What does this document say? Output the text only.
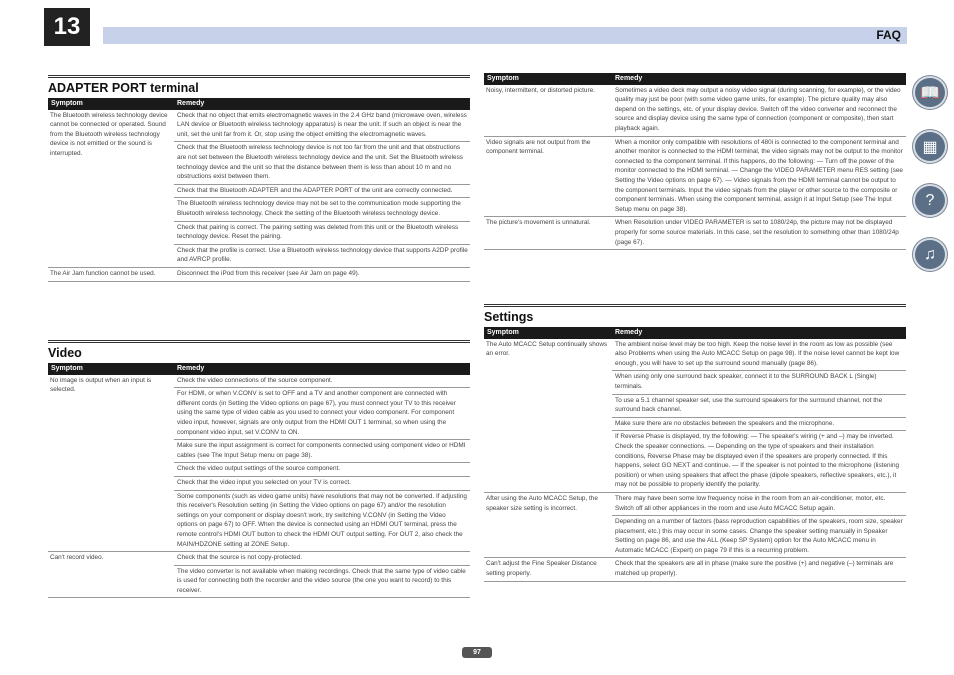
13	FAQ
ADAPTER PORT terminal
Symptom	Remedy
The Bluetooth wireless technology device cannot be connected or operated. Sound from the Bluetooth wireless technology device is not emitted or the sound is interrupted.	Check that no object that emits electromagnetic waves in the 2.4 GHz band (microwave oven, wireless LAN device or Bluetooth wireless technology apparatus) is near the unit. If such an object is near the unit, set the unit far from it. Or, stop using the object emitting the electromagnetic waves.
	Check that the Bluetooth wireless technology device is not too far from the unit and that obstructions are not set between the Bluetooth wireless technology device and the unit. Set the Bluetooth wireless technology device and the unit so that the distance between them is less than about 10 m and no obstructions exist between them.
	Check that the Bluetooth ADAPTER and the ADAPTER PORT of the unit are correctly connected.
	The Bluetooth wireless technology device may not be set to the communication mode supporting the Bluetooth wireless technology. Check the setting of the Bluetooth wireless technology device.
	Check that pairing is correct. The pairing setting was deleted from this unit or the Bluetooth wireless technology device. Reset the pairing.
	Check that the profile is correct. Use a Bluetooth wireless technology device that supports A2DP profile and AVRCP profile.
The Air Jam function cannot be used.	Disconnect the iPod from this receiver (see Air Jam on page 49).
Video
Symptom	Remedy
No image is output when an input is selected.	Check the video connections of the source component.
	For HDMI, or when V.CONV is set to OFF and a TV and another component are connected with different cords (in Setting the Video options on page 67), you must connect your TV to this receiver using the same type of video cable as you used to connect your video component. For component video input, however, signals are only output from the HDMI OUT 1 terminal, so when using the component video input, set V.CONV to ON.
	Make sure the input assignment is correct for components connected using component video or HDMI cables (see The Input Setup menu on page 38).
	Check the video output settings of the source component.
	Check that the video input you selected on your TV is correct.
	Some components (such as video game units) have resolutions that may not be converted. If adjusting this receiver's Resolution setting (in Setting the Video options on page 67) and/or the resolution settings on your component or display doesn't work, try switching V.CONV (in Setting the Video options on page 67) to OFF. When the device is connected using an HDMI OUT terminal, press the remote control's HDMI OUT button to check the HDMI OUT output setting. For OUT 2, also check the MAIN/HDZONE setting at ZONE Setup.
Can't record video.	Check that the source is not copy-protected.
	The video converter is not available when making recordings. Check that the same type of video cable is used for connecting both the recorder and the video source (the one you want to record) to this receiver.
Symptom	Remedy
Noisy, intermittent, or distorted picture.	Sometimes a video deck may output a noisy video signal (during scanning, for example), or the video quality may just be poor (with some video game units, for example). The picture quality may also depend on the settings, etc. of your display device. Switch off the video converter and reconnect the source and display device using the same type of connection (component or composite), then start playback again.
Video signals are not output from the component terminal.	When a monitor only compatible with resolutions of 480i is connected to the component terminal and another monitor is connected to the HDMI terminal, the video signals may not be output to the monitor connected to the component terminal. If this happens, do the following: — Turn off the power of the monitor connected to the HDMI terminal. — Change the VIDEO PARAMETER menu RES setting (see Setting the Video options on page 67). — Video signals from the HDMI terminal cannot be output to the component terminals. Input the video signals from the player or other source to the composite or component terminals. When using the component terminal, assign it at Input Setup (see The Input Setup menu on page 38).
The picture's movement is unnatural.	When Resolution under VIDEO PARAMETER is set to 1080/24p, the picture may not be displayed properly for some source materials. In this case, set the resolution to something other than 1080/24p (page 67).
Settings
Symptom	Remedy
The Auto MCACC Setup continually shows an error.	The ambient noise level may be too high. Keep the noise level in the room as low as possible (see also Problems when using the Auto MCACC Setup on page 98). If the noise level cannot be kept low enough, you will have to set up the surround sound manually (page 86).
	When using only one surround back speaker, connect it to the SURROUND BACK L (Single) terminals.
	To use a 5.1 channel speaker set, use the surround speakers for the surround channel, not the surround back channel.
	Make sure there are no obstacles between the speakers and the microphone.
	If Reverse Phase is displayed, try the following: — The speaker's wiring (+ and –) may be inverted. Check the speaker connections. — Depending on the type of speakers and their installation conditions, Reverse Phase may be displayed even if the speakers are properly connected. If this happens, select GO NEXT and continue. — If the speaker is not pointed to the microphone (listening position) or when using speakers that affect the phase (dipole speakers, reflective speakers, etc.), it may not be possible to properly identify the polarity.
After using the Auto MCACC Setup, the speaker size setting is incorrect.	There may have been some low frequency noise in the room from an air-conditioner, motor, etc. Switch off all other appliances in the room and use Auto MCACC Setup again.
	Depending on a number of factors (bass reproduction capabilities of the speakers, room size, speaker placement, etc.) this may occur in some cases. Change the speaker setting manually in Speaker Setting on page 86, and use the ALL (Keep SP System) option for the Auto MCACC menu in Automatic MCACC (Expert) on page 79 if this is a recurring problem.
Can't adjust the Fine Speaker Distance setting properly.	Check that the speakers are all in phase (make sure the positive (+) and negative (–) terminals are matched up properly).
📖
▦
?
♫
97
